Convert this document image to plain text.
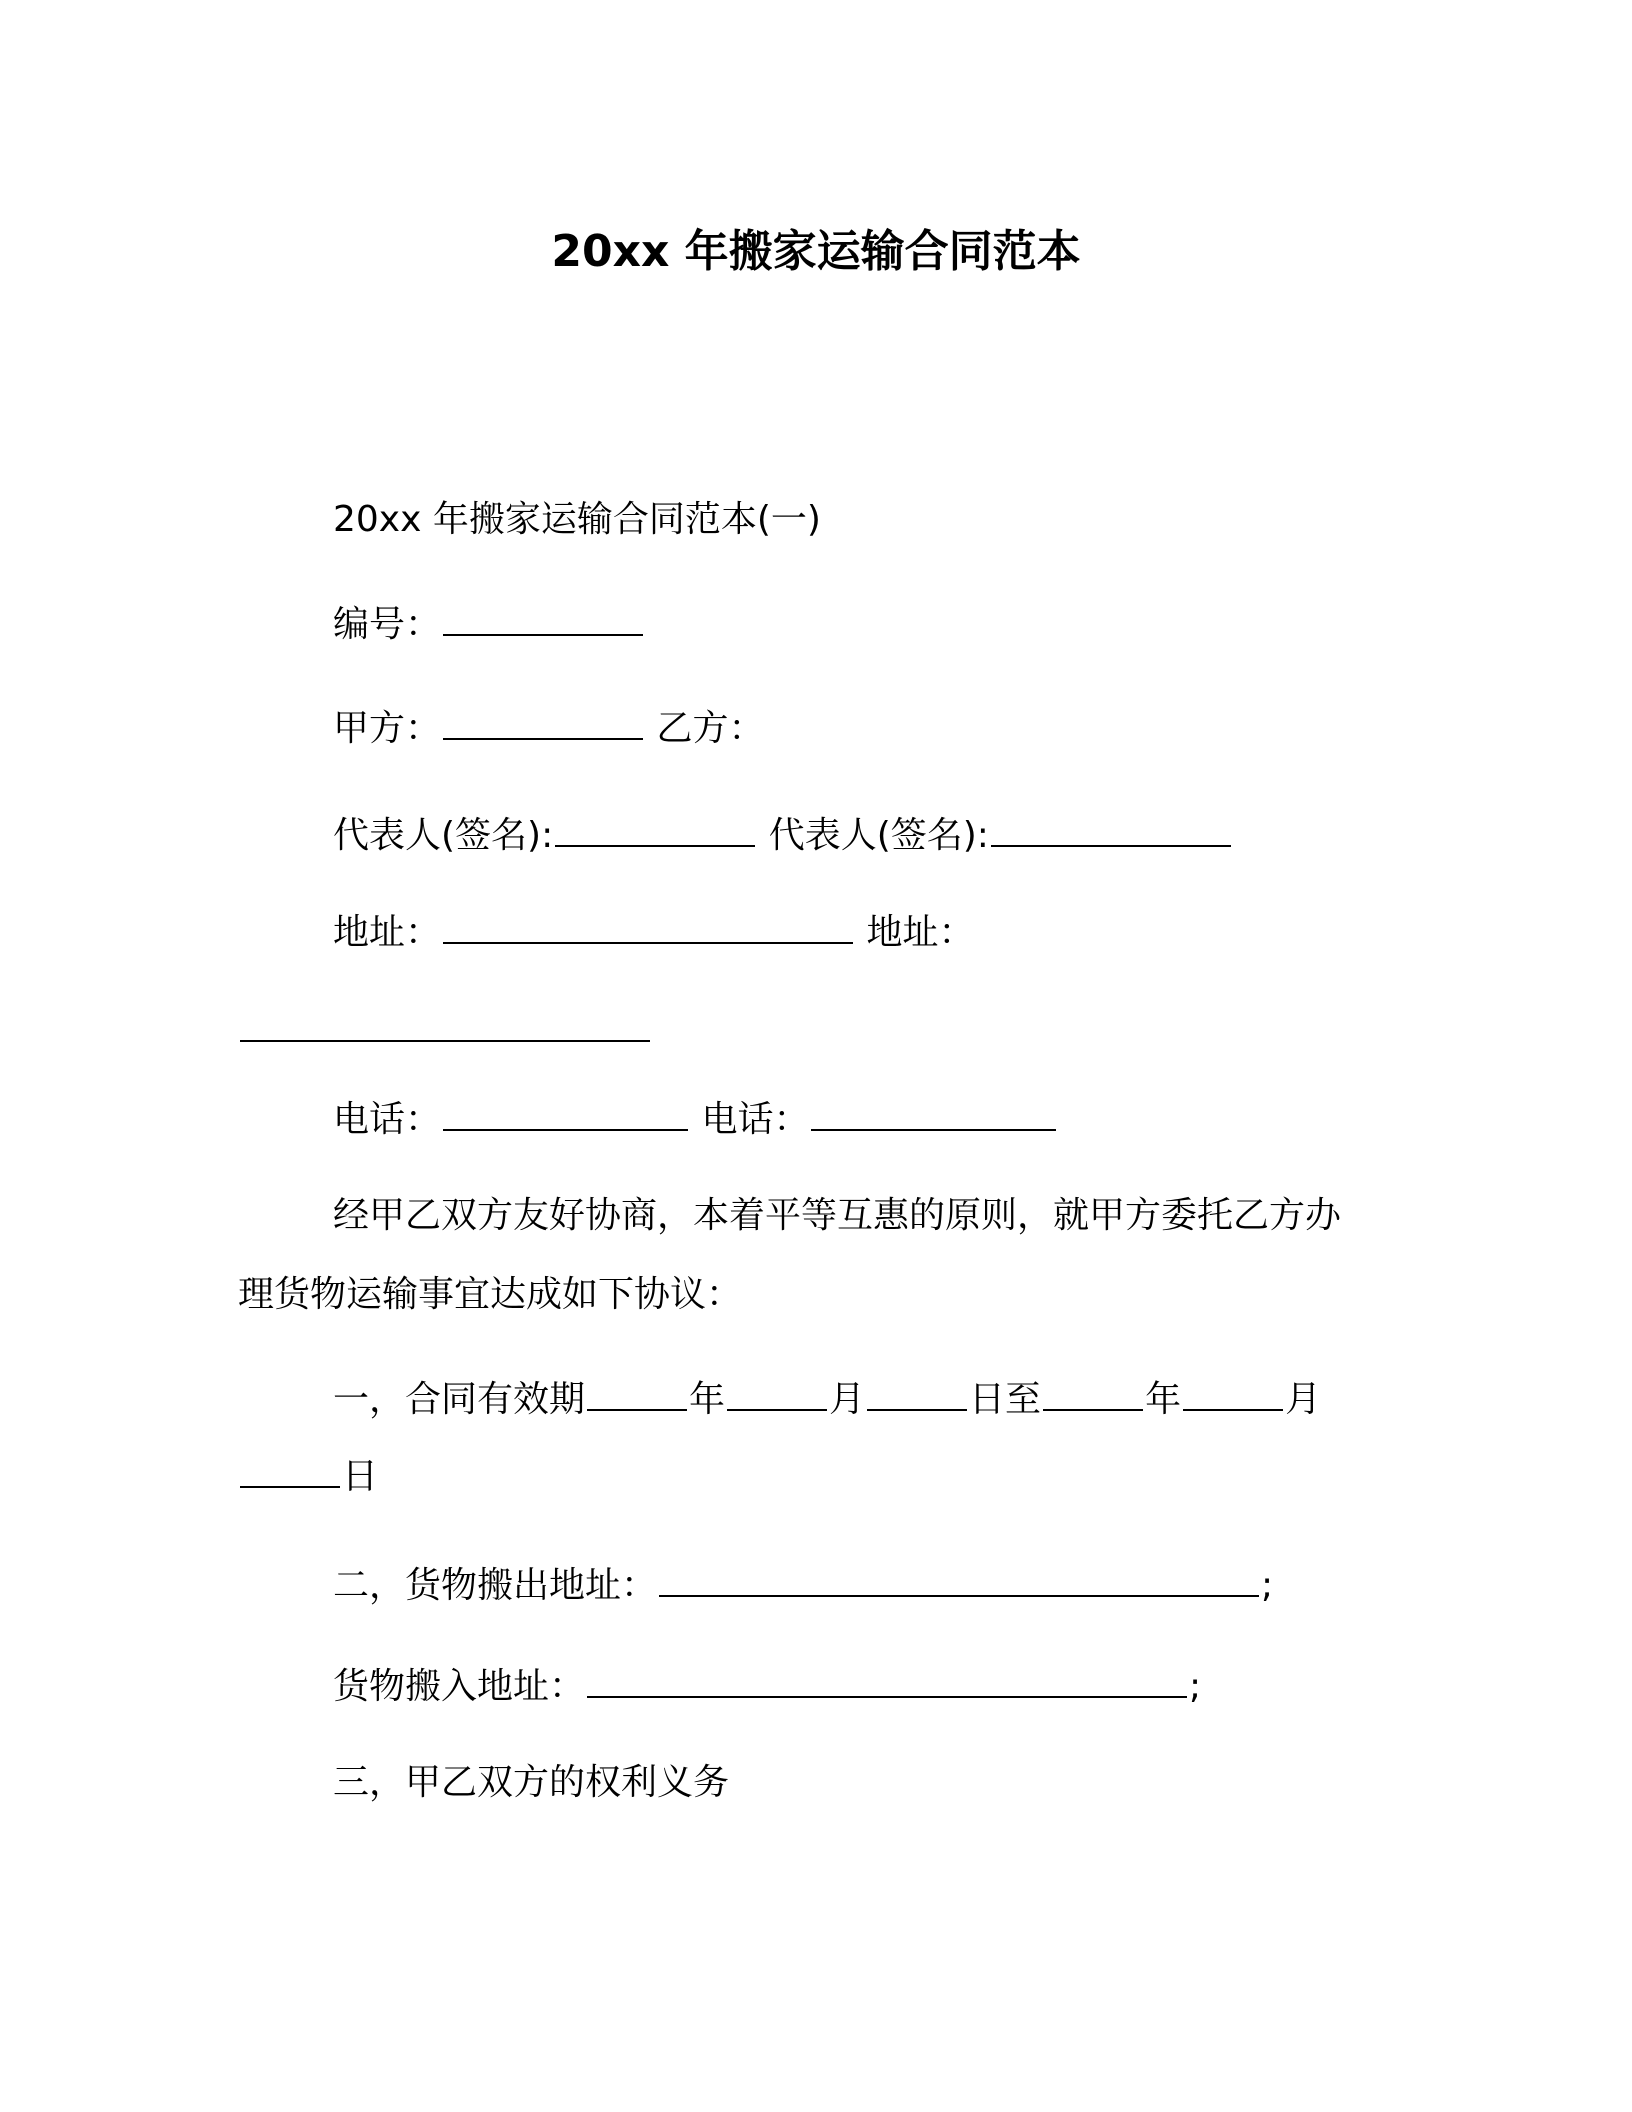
20xx 年搬家运输合同范本
20xx 年搬家运输合同范本(一)
编号：
甲方：	乙方：
代表人(签名):	代表人(签名):
地址：	地址：
电话：	电话：
经甲乙双方友好协商，本着平等互惠的原则，就甲方委托乙方办
理货物运输事宜达成如下协议：
一，合同有效期	年	月	日至	年	月
日
二，货物搬出地址：	;
货物搬入地址：	;
三，甲乙双方的权利义务
